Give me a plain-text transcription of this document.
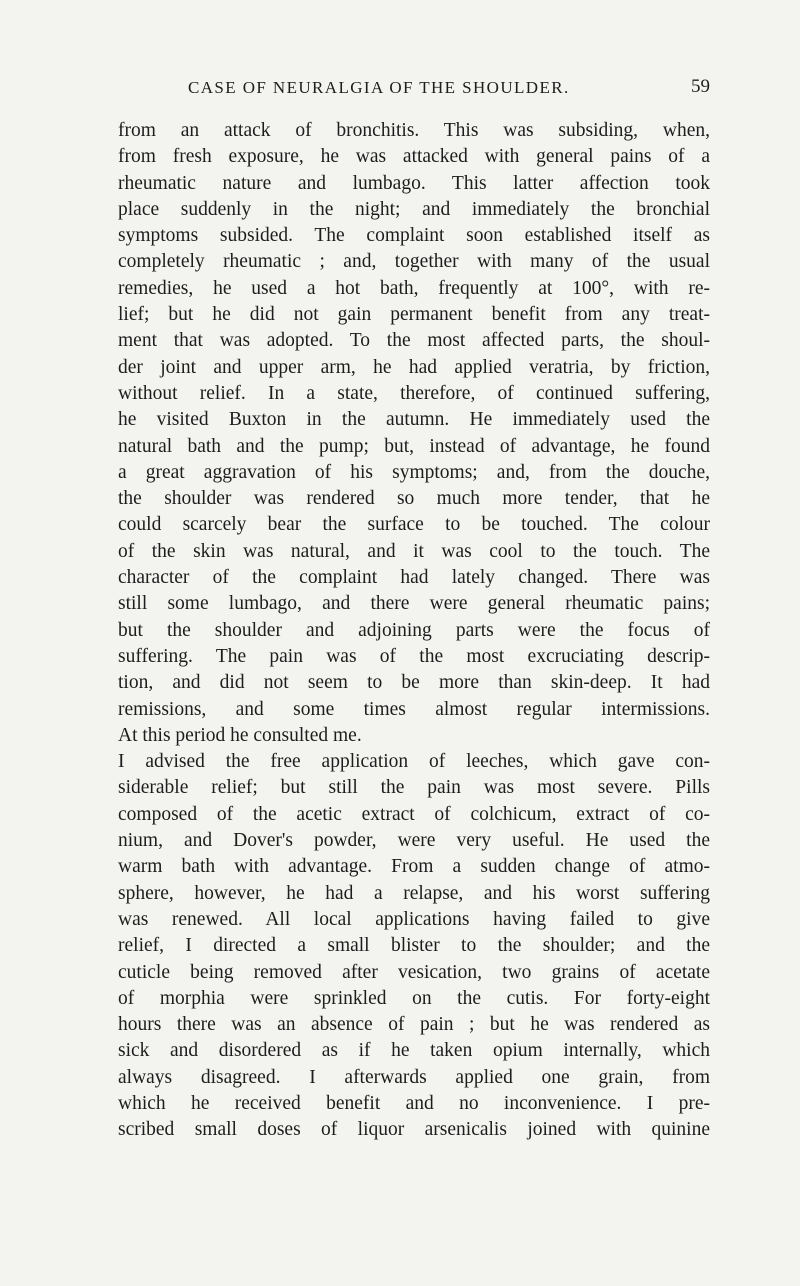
CASE OF NEURALGIA OF THE SHOULDER.	59
from an attack of bronchitis. This was subsiding, when,
from fresh exposure, he was attacked with general pains of a
rheumatic nature and lumbago. This latter affection took
place suddenly in the night; and immediately the bronchial
symptoms subsided. The complaint soon established itself as
completely rheumatic ; and, together with many of the usual
remedies, he used a hot bath, frequently at 100°, with re-
lief; but he did not gain permanent benefit from any treat-
ment that was adopted. To the most affected parts, the shoul-
der joint and upper arm, he had applied veratria, by friction,
without relief. In a state, therefore, of continued suffering,
he visited Buxton in the autumn. He immediately used the
natural bath and the pump; but, instead of advantage, he found
a great aggravation of his symptoms; and, from the douche,
the shoulder was rendered so much more tender, that he
could scarcely bear the surface to be touched. The colour
of the skin was natural, and it was cool to the touch. The
character of the complaint had lately changed. There was
still some lumbago, and there were general rheumatic pains;
but the shoulder and adjoining parts were the focus of
suffering. The pain was of the most excruciating descrip-
tion, and did not seem to be more than skin-deep. It had
remissions, and some times almost regular intermissions.
At this period he consulted me.
I advised the free application of leeches, which gave con-
siderable relief; but still the pain was most severe. Pills
composed of the acetic extract of colchicum, extract of co-
nium, and Dover's powder, were very useful. He used the
warm bath with advantage. From a sudden change of atmo-
sphere, however, he had a relapse, and his worst suffering
was renewed. All local applications having failed to give
relief, I directed a small blister to the shoulder; and the
cuticle being removed after vesication, two grains of acetate
of morphia were sprinkled on the cutis. For forty-eight
hours there was an absence of pain ; but he was rendered as
sick and disordered as if he taken opium internally, which
always disagreed. I afterwards applied one grain, from
which he received benefit and no inconvenience. I pre-
scribed small doses of liquor arsenicalis joined with quinine
